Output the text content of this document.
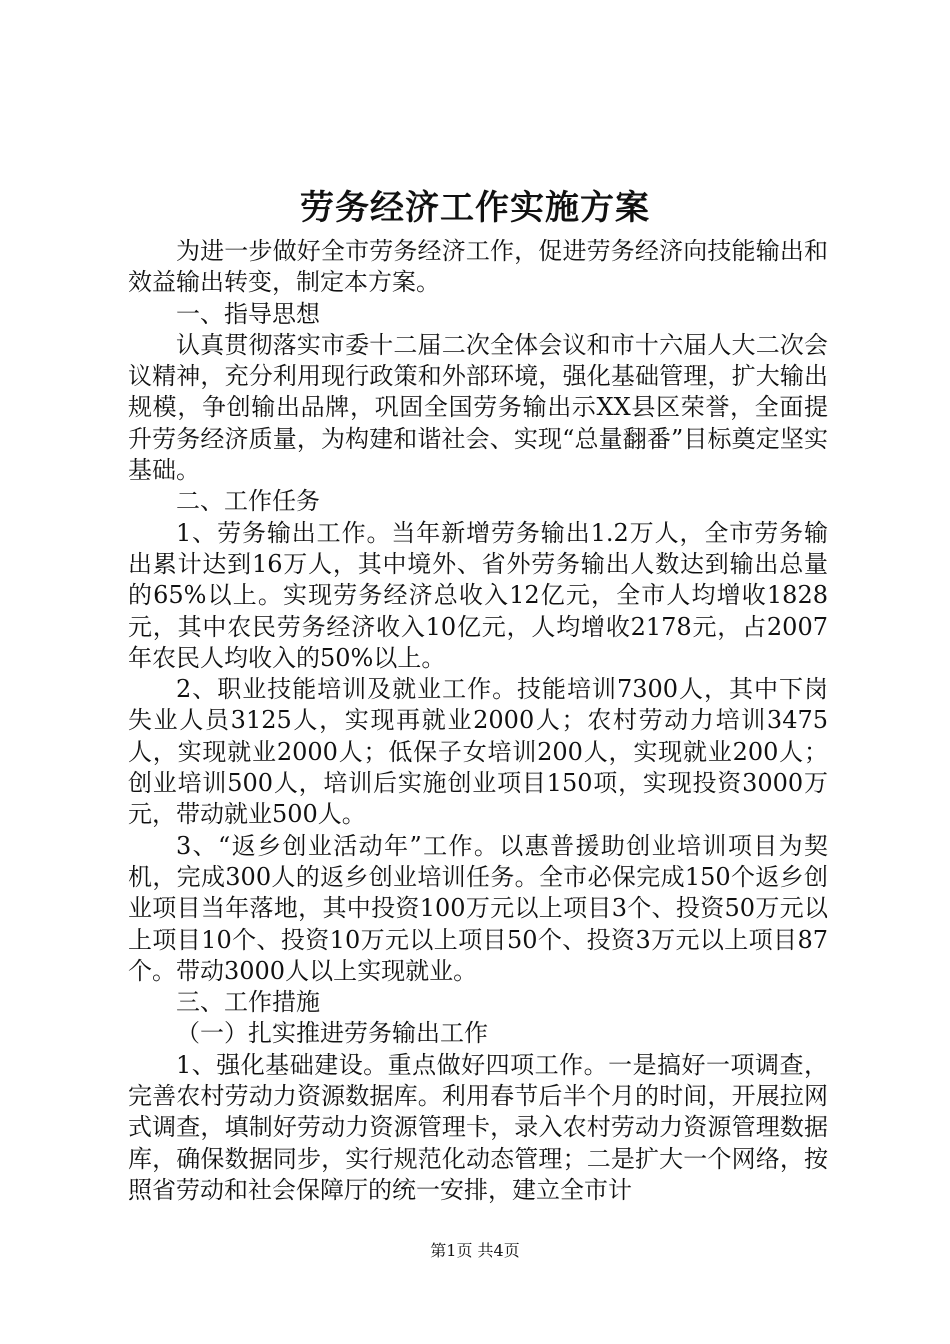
劳务经济工作实施方案

为进一步做好全市劳务经济工作，促进劳务经济向技能输出和效益输出转变，制定本方案。

一、指导思想

认真贯彻落实市委十二届二次全体会议和市十六届人大二次会议精神，充分利用现行政策和外部环境，强化基础管理，扩大输出规模，争创输出品牌，巩固全国劳务输出示XX县区荣誉，全面提升劳务经济质量，为构建和谐社会、实现“总量翻番”目标奠定坚实基础。

二、工作任务

1、劳务输出工作。当年新增劳务输出1.2万人，全市劳务输出累计达到16万人，其中境外、省外劳务输出人数达到输出总量的65%以上。实现劳务经济总收入12亿元，全市人均增收1828元，其中农民劳务经济收入10亿元，人均增收2178元，占2007年农民人均收入的50%以上。

2、职业技能培训及就业工作。技能培训7300人，其中下岗失业人员3125人，实现再就业2000人；农村劳动力培训3475人，实现就业2000人；低保子女培训200人，实现就业200人；创业培训500人，培训后实施创业项目150项，实现投资3000万元，带动就业500人。

3、“返乡创业活动年”工作。以惠普援助创业培训项目为契机，完成300人的返乡创业培训任务。全市必保完成150个返乡创业项目当年落地，其中投资100万元以上项目3个、投资50万元以上项目10个、投资10万元以上项目50个、投资3万元以上项目87个。带动3000人以上实现就业。

三、工作措施

（一）扎实推进劳务输出工作

1、强化基础建设。重点做好四项工作。一是搞好一项调查，完善农村劳动力资源数据库。利用春节后半个月的时间，开展拉网式调查，填制好劳动力资源管理卡，录入农村劳动力资源管理数据库，确保数据同步，实行规范化动态管理；二是扩大一个网络，按照省劳动和社会保障厅的统一安排，建立全市计

第1页 共4页
